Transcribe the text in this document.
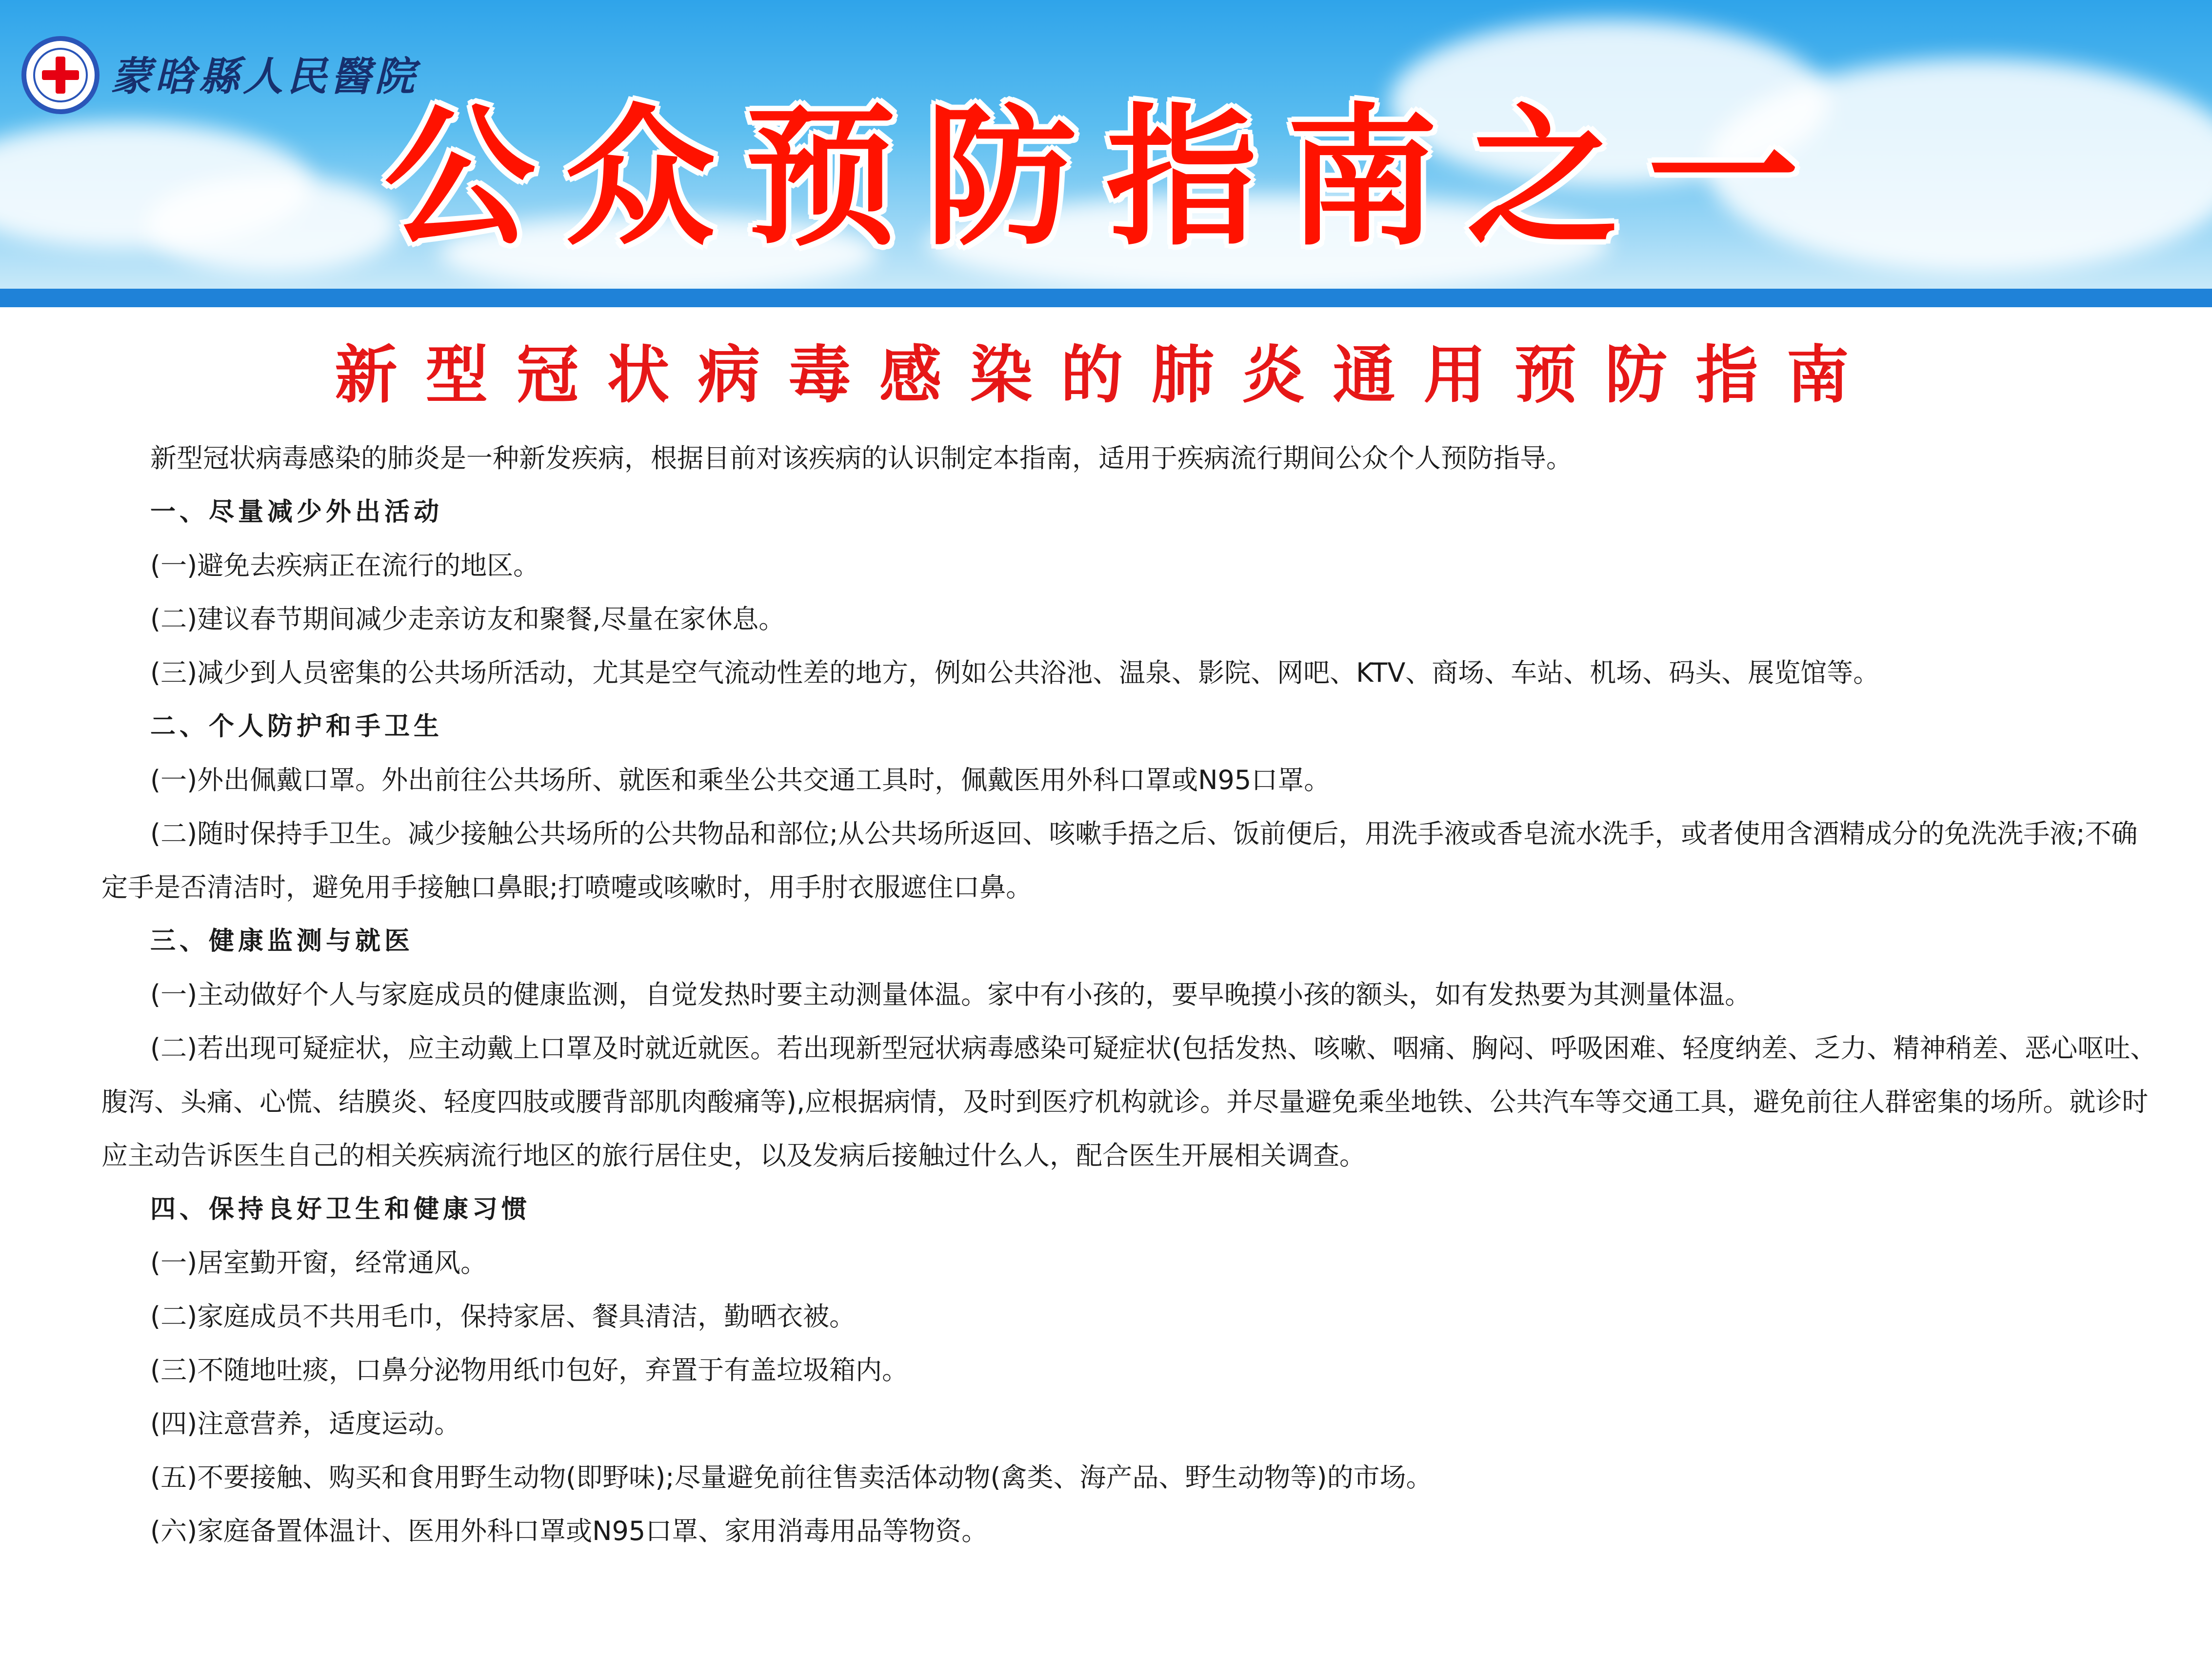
蒙晗縣人民醫院
公众预防指南之一
新型冠状病毒感染的肺炎通用预防指南

新型冠状病毒感染的肺炎是一种新发疾病，根据目前对该疾病的认识制定本指南，适用于疾病流行期间公众个人预防指导。

一、尽量减少外出活动

(一)避免去疾病正在流行的地区。

(二)建议春节期间减少走亲访友和聚餐,尽量在家休息。

(三)减少到人员密集的公共场所活动，尤其是空气流动性差的地方，例如公共浴池、温泉、影院、网吧、KTV、商场、车站、机场、码头、展览馆等。

二、个人防护和手卫生

(一)外出佩戴口罩。外出前往公共场所、就医和乘坐公共交通工具时，佩戴医用外科口罩或N95口罩。

(二)随时保持手卫生。减少接触公共场所的公共物品和部位;从公共场所返回、咳嗽手捂之后、饭前便后，用洗手液或香皂流水洗手，或者使用含酒精成分的免洗洗手液;不确定手是否清洁时，避免用手接触口鼻眼;打喷嚏或咳嗽时，用手肘衣服遮住口鼻。

三、健康监测与就医

(一)主动做好个人与家庭成员的健康监测，自觉发热时要主动测量体温。家中有小孩的，要早晚摸小孩的额头，如有发热要为其测量体温。

(二)若出现可疑症状，应主动戴上口罩及时就近就医。若出现新型冠状病毒感染可疑症状(包括发热、咳嗽、咽痛、胸闷、呼吸困难、轻度纳差、乏力、精神稍差、恶心呕吐、腹泻、头痛、心慌、结膜炎、轻度四肢或腰背部肌肉酸痛等),应根据病情，及时到医疗机构就诊。并尽量避免乘坐地铁、公共汽车等交通工具，避免前往人群密集的场所。就诊时应主动告诉医生自己的相关疾病流行地区的旅行居住史，以及发病后接触过什么人，配合医生开展相关调查。

四、保持良好卫生和健康习惯

(一)居室勤开窗，经常通风。

(二)家庭成员不共用毛巾，保持家居、餐具清洁，勤晒衣被。

(三)不随地吐痰，口鼻分泌物用纸巾包好，弃置于有盖垃圾箱内。

(四)注意营养，适度运动。

(五)不要接触、购买和食用野生动物(即野味);尽量避免前往售卖活体动物(禽类、海产品、野生动物等)的市场。

(六)家庭备置体温计、医用外科口罩或N95口罩、家用消毒用品等物资。
